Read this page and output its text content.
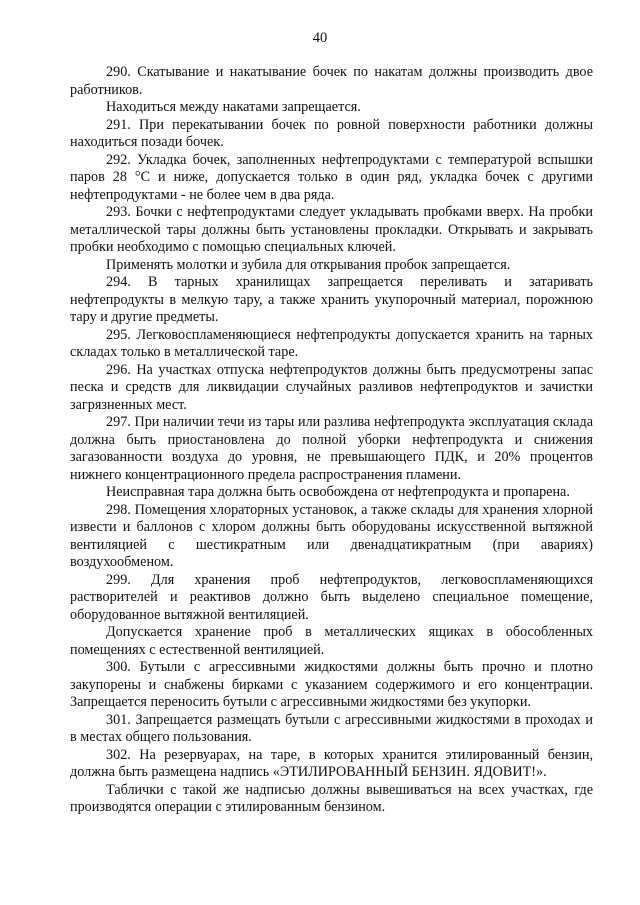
40

290. Скатывание и накатывание бочек по накатам должны производить двое работников.

Находиться между накатами запрещается.

291. При перекатывании бочек по ровной поверхности работники должны находиться позади бочек.

292. Укладка бочек, заполненных нефтепродуктами с температурой вспышки паров 28 °С и ниже, допускается только в один ряд, укладка бочек с другими нефтепродуктами - не более чем в два ряда.

293. Бочки с нефтепродуктами следует укладывать пробками вверх. На пробки металлической тары должны быть установлены прокладки. Открывать и закрывать пробки необходимо с помощью специальных ключей.

Применять молотки и зубила для открывания пробок запрещается.

294. В тарных хранилищах запрещается переливать и затаривать нефтепродукты в мелкую тару, а также хранить укупорочный материал, порожнюю тару и другие предметы.

295. Легковоспламеняющиеся нефтепродукты допускается хранить на тарных складах только в металлической таре.

296. На участках отпуска нефтепродуктов должны быть предусмотрены запас песка и средств для ликвидации случайных разливов нефтепродуктов и зачистки загрязненных мест.

297. При наличии течи из тары или разлива нефтепродукта эксплуатация склада должна быть приостановлена до полной уборки нефтепродукта и снижения загазованности воздуха до уровня, не превышающего ПДК, и 20% процентов нижнего концентрационного предела распространения пламени.

Неисправная тара должна быть освобождена от нефтепродукта и пропарена.

298. Помещения хлораторных установок, а также склады для хранения хлорной извести и баллонов с хлором должны быть оборудованы искусственной вытяжной вентиляцией с шестикратным или двенадцатикратным (при авариях) воздухообменом.

299. Для хранения проб нефтепродуктов, легковоспламеняющихся растворителей и реактивов должно быть выделено специальное помещение, оборудованное вытяжной вентиляцией.

Допускается хранение проб в металлических ящиках в обособленных помещениях с естественной вентиляцией.

300. Бутыли с агрессивными жидкостями должны быть прочно и плотно закупорены и снабжены бирками с указанием содержимого и его концентрации. Запрещается переносить бутыли с агрессивными жидкостями без укупорки.

301. Запрещается размещать бутыли с агрессивными жидкостями в проходах и в местах общего пользования.

302. На резервуарах, на таре, в которых хранится этилированный бензин, должна быть размещена надпись «ЭТИЛИРОВАННЫЙ БЕНЗИН. ЯДОВИТ!».

Таблички с такой же надписью должны вывешиваться на всех участках, где производятся операции с этилированным бензином.
